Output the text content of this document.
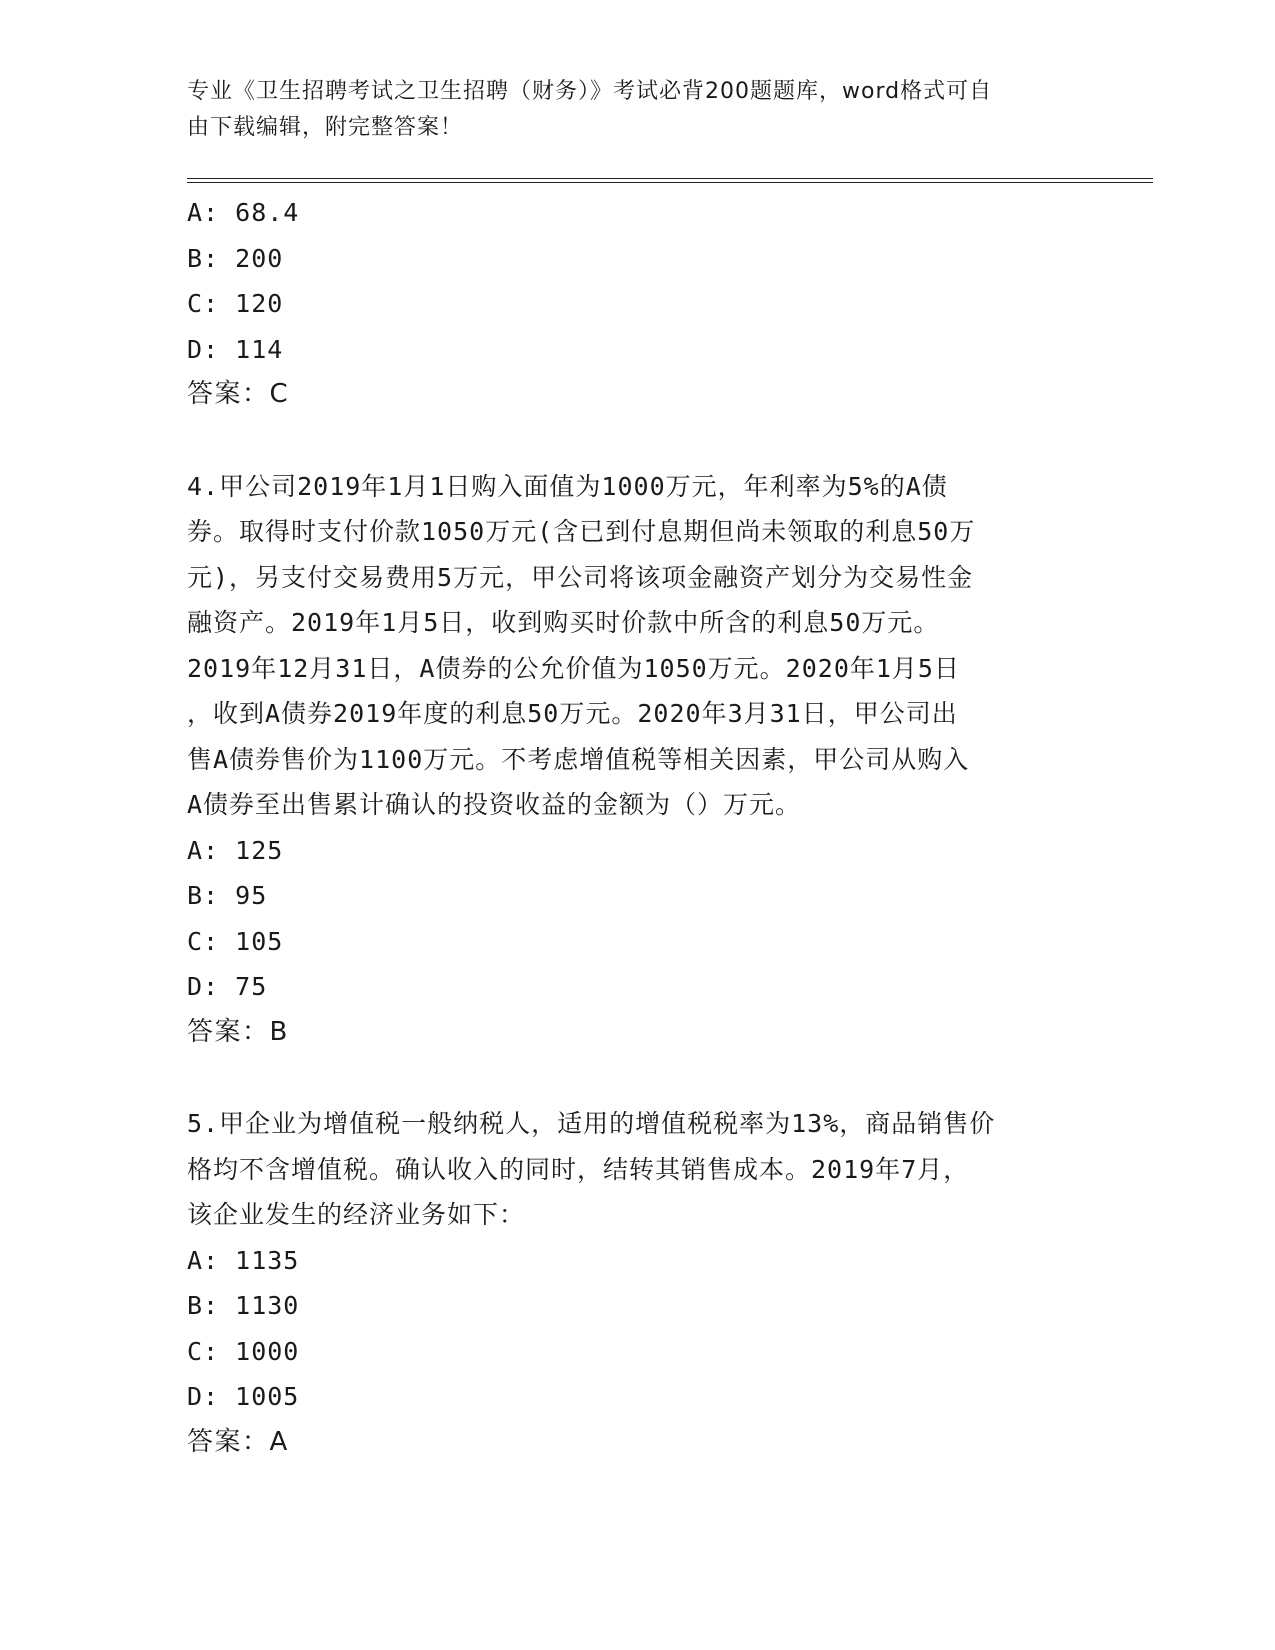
专业《卫生招聘考试之卫生招聘（财务）》考试必背200题题库，word格式可自
由下载编辑，附完整答案！
A: 68.4
B: 200
C: 120
D: 114
答案：C
4.甲公司2019年1月1日购入面值为1000万元，年利率为5%的A债
券。取得时支付价款1050万元(含已到付息期但尚未领取的利息50万
元)，另支付交易费用5万元，甲公司将该项金融资产划分为交易性金
融资产。2019年1月5日，收到购买时价款中所含的利息50万元。
2019年12月31日，A债券的公允价值为1050万元。2020年1月5日
，收到A债券2019年度的利息50万元。2020年3月31日，甲公司出
售A债券售价为1100万元。不考虑增值税等相关因素，甲公司从购入
A债券至出售累计确认的投资收益的金额为（）万元。
A: 125
B: 95
C: 105
D: 75
答案：B
5.甲企业为增值税一般纳税人，适用的增值税税率为13%，商品销售价
格均不含增值税。确认收入的同时，结转其销售成本。2019年7月，
该企业发生的经济业务如下：
A: 1135
B: 1130
C: 1000
D: 1005
答案：A
